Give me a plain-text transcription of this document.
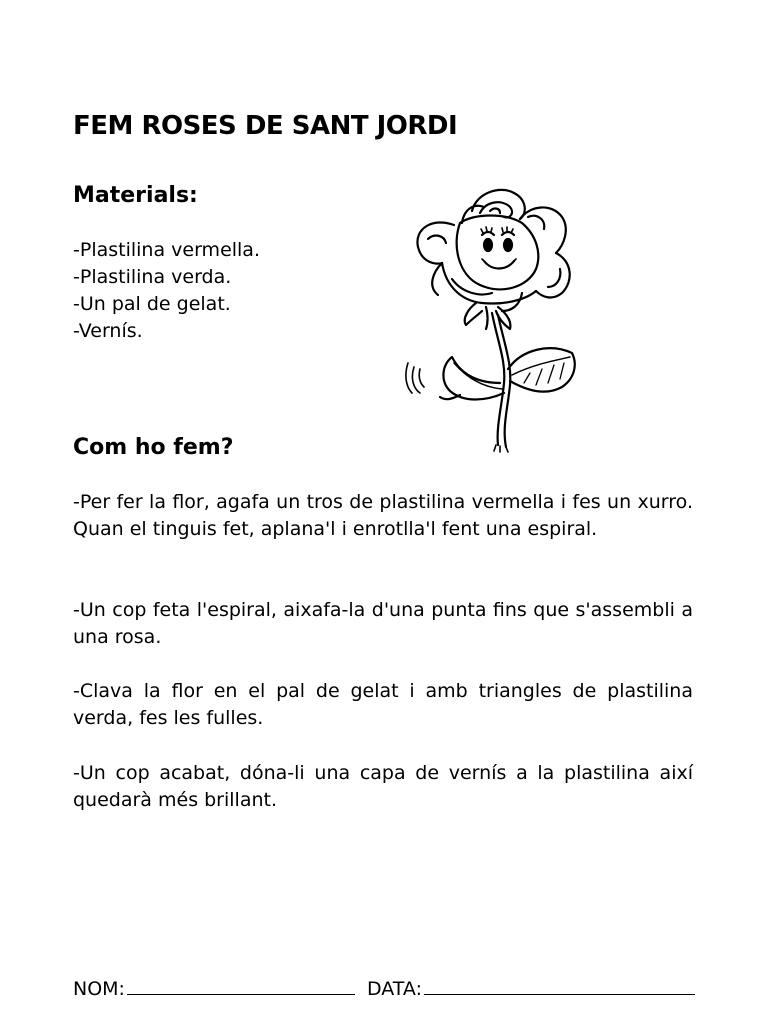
FEM ROSES DE SANT JORDI
Materials:
-Plastilina vermella.
-Plastilina verda.
-Un pal de gelat.
-Vernís.
Com ho fem?

-Per fer la flor, agafa un tros de plastilina vermella i fes un xurro. Quan el tinguis fet, aplana'l i enrotlla'l fent una espiral.

-Un cop feta l'espiral, aixafa-la d'una punta fins que s'assembli a una rosa.

-Clava la flor en el pal de gelat i amb triangles de plastilina verda, fes les fulles.

-Un cop acabat, dóna-li una capa de vernís a la plastilina així quedarà més brillant.

NOM:	DATA:
